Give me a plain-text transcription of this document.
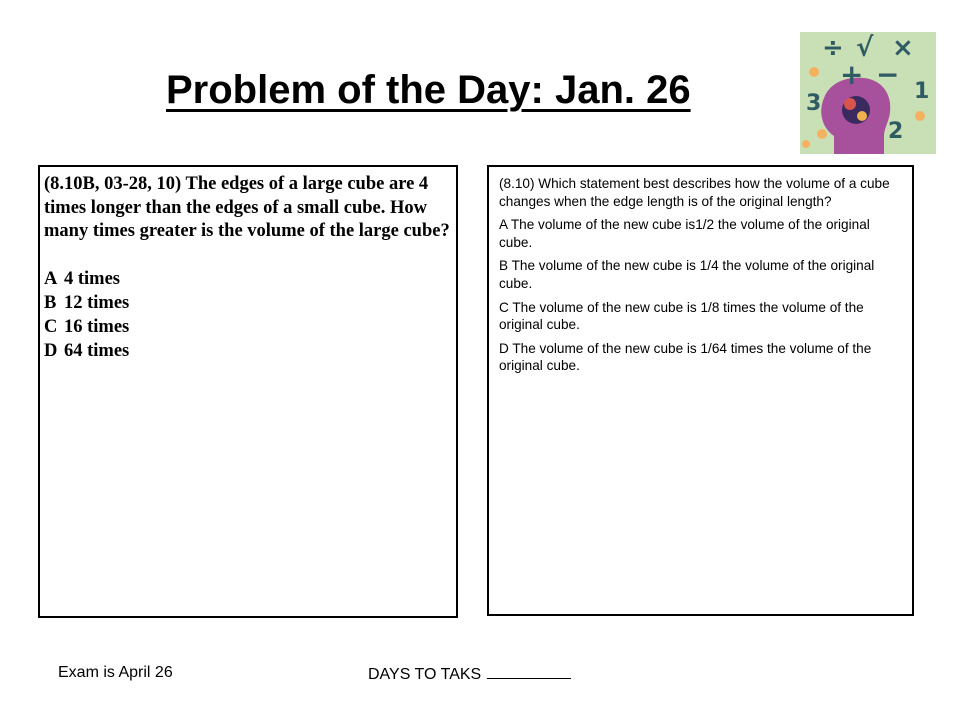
Problem of the Day: Jan. 26
÷ √ ×
+ −
3	1
2

(8.10B, 03-28, 10) The edges of a large cube are 4 times longer than the edges of a small cube. How many times greater is the volume of the large cube?

A 4 times
B 12 times
C 16 times
D 64 times

(8.10) Which statement best describes how the volume of a cube changes when the edge length is of the original length?

A The volume of the new cube is1/2 the volume of the original cube.

B The volume of the new cube is 1/4 the volume of the original cube.

C The volume of the new cube is 1/8 times the volume of the original cube.

D The volume of the new cube is 1/64 times the volume of the original cube.

Exam is April 26	DAYS TO TAKS
